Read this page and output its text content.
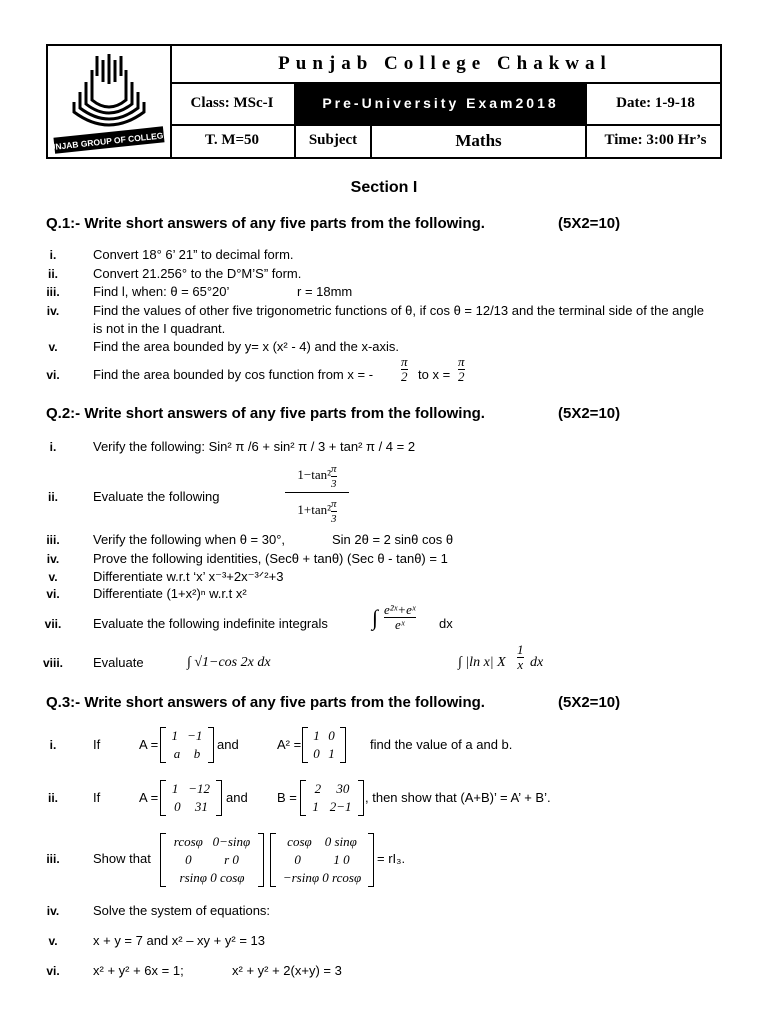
PUNJAB GROUP OF COLLEGES
Punjab College Chakwal
Class: MSc-I	Pre-University Exam2018	Date: 1-9-18
T. M=50	Subject	Maths	Time: 3:00 Hr’s
Section I
Q.1:- Write short answers of any five parts from the following.	(5X2=10)
i.	Convert 18° 6’ 21” to decimal form.
ii.	Convert 21.256° to the D°M’S” form.
iii.	Find l, when: θ = 65°20’	r = 18mm
iv.	Find the values of other five trigonometric functions of θ, if cos θ = 12/13 and the terminal side of the angle is not in the I quadrant.
v.	Find the area bounded by y= x (x² - 4) and the x-axis.
vi.	Find the area bounded by cos function from x = - $\frac{\pi}{2}$ to $x = \frac{\pi}{2}$
Q.2:- Write short answers of any five parts from the following.	(5X2=10)
i.	Verify the following: Sin² π /6 + sin² π / 3 + tan² π / 4 = 2
ii.	Evaluate the following
$1-\tan^2 \frac{\pi}{3}$
$1+\tan^2 \frac{\pi}{3}$
iii.	Verify the following when θ = 30°,	Sin 2θ = 2 sinθ cos θ
iv.	Prove the following identities, (Secθ + tanθ) (Sec θ - tanθ) = 1
v.	Differentiate w.r.t ‘x’ x⁻³+2x⁻³ᐟ²+3
vi.	Differentiate (1+x²)ⁿ w.r.t x²
vii.	Evaluate the following indefinite integrals ∫ $\frac{\text{e²ˣ+eˣ}}{\text{eˣ}}$ dx
viii.	Evaluate	∫ √1−cos 2x dx	∫ |ln x| X $\frac{1}{x}$ dx
Q.3:- Write short answers of any five parts from the following.	(5X2=10)
i.	If	A =
1 −1
a b
and	A² =
1 0
0 1
find the value of a and b.
ii.	If	A =
1 −12
0 31
and B =
2 30
1 2−1
, then show that (A+B)’ = A’ + B’.
iii.	Show that
rcosφ   0−sinφ
0          r 0
rsinφ 0 cosφ
cosφ    0 sinφ
0          1 0
−rsinφ 0 rcosφ
= rI₃.
iv.	Solve the system of equations:
v.	x + y = 7 and x² – xy + y² = 13
vi.	x² + y² + 6x = 1;	x² + y² + 2(x+y) = 3
